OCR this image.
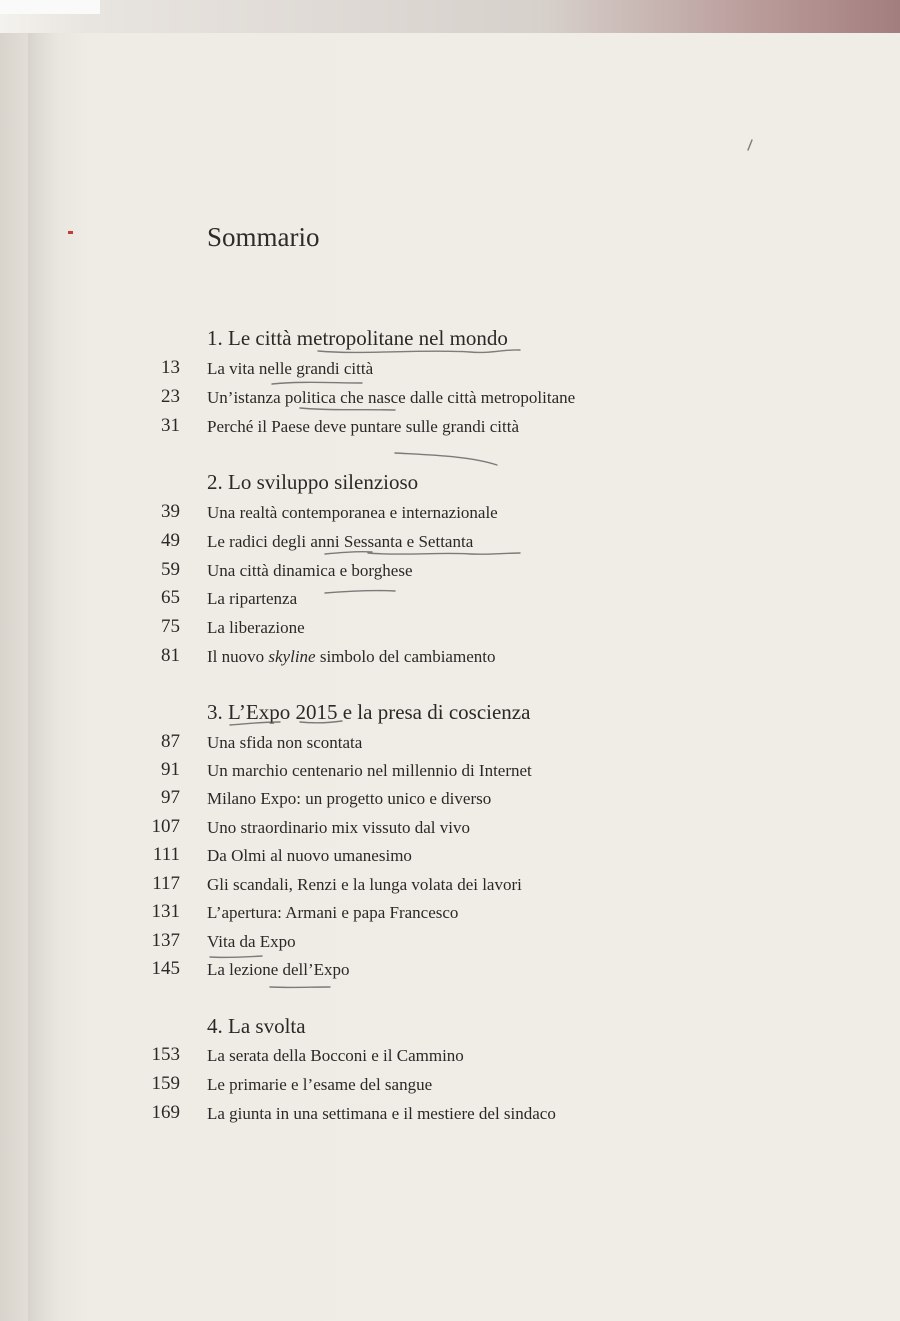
Sommario
1. Le città metropolitane nel mondo
13 La vita nelle grandi città
23 Un’istanza politica che nasce dalle città metropolitane
31 Perché il Paese deve puntare sulle grandi città
2. Lo sviluppo silenzioso
39 Una realtà contemporanea e internazionale
49 Le radici degli anni Sessanta e Settanta
59 Una città dinamica e borghese
65 La ripartenza
75 La liberazione
81 Il nuovo skyline simbolo del cambiamento
3. L’Expo 2015 e la presa di coscienza
87 Una sfida non scontata
91 Un marchio centenario nel millennio di Internet
97 Milano Expo: un progetto unico e diverso
107 Uno straordinario mix vissuto dal vivo
111 Da Olmi al nuovo umanesimo
117 Gli scandali, Renzi e la lunga volata dei lavori
131 L’apertura: Armani e papa Francesco
137 Vita da Expo
145 La lezione dell’Expo
4. La svolta
153 La serata della Bocconi e il Cammino
159 Le primarie e l’esame del sangue
169 La giunta in una settimana e il mestiere del sindaco
